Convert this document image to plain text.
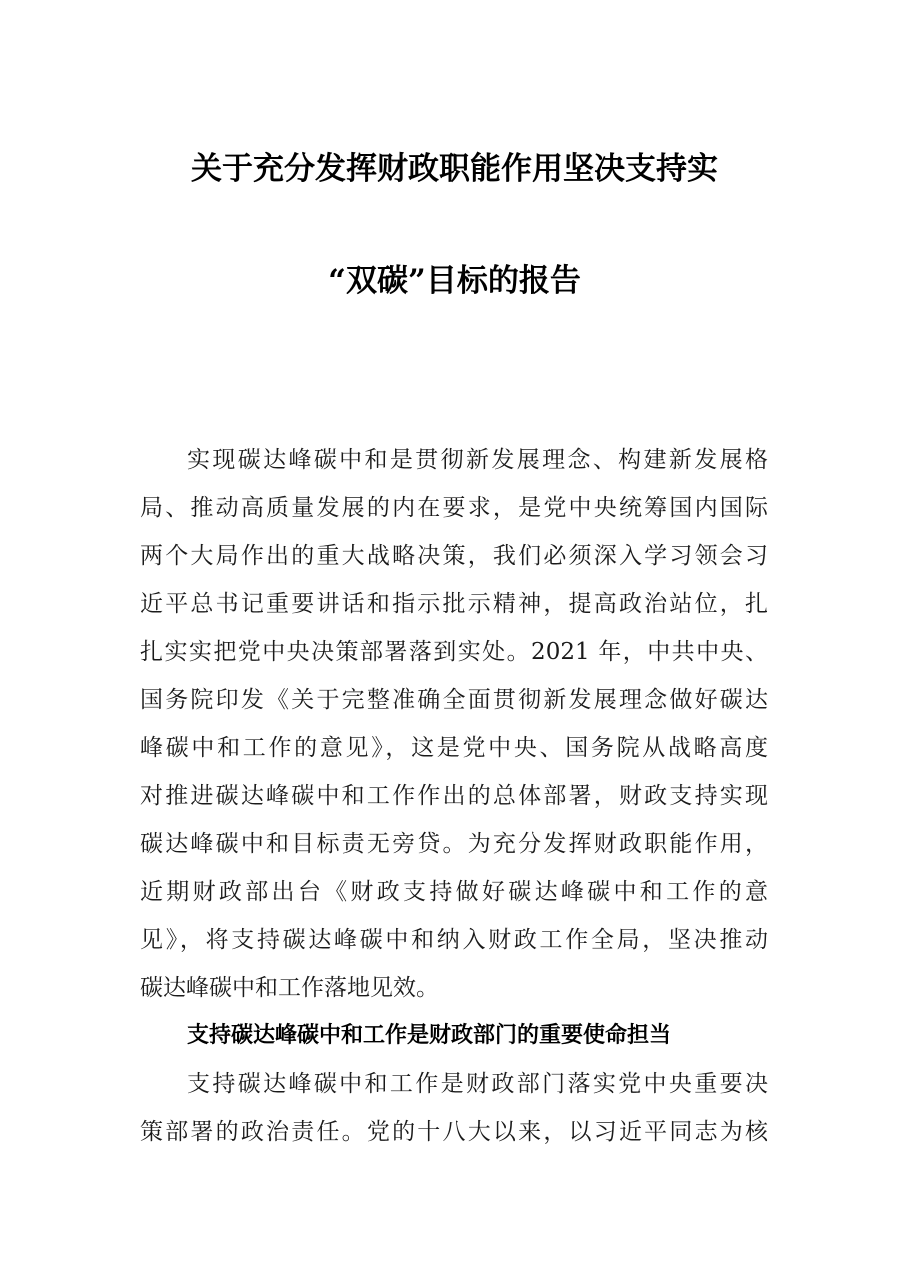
关于充分发挥财政职能作用坚决支持实
“双碳”目标的报告
实现碳达峰碳中和是贯彻新发展理念、构建新发展格
局、推动高质量发展的内在要求，是党中央统筹国内国际
两个大局作出的重大战略决策，我们必须深入学习领会习
近平总书记重要讲话和指示批示精神，提高政治站位，扎
扎实实把党中央决策部署落到实处。2021 年，中共中央、
国务院印发《关于完整准确全面贯彻新发展理念做好碳达
峰碳中和工作的意见》，这是党中央、国务院从战略高度
对推进碳达峰碳中和工作作出的总体部署，财政支持实现
碳达峰碳中和目标责无旁贷。为充分发挥财政职能作用，
近期财政部出台《财政支持做好碳达峰碳中和工作的意
见》，将支持碳达峰碳中和纳入财政工作全局，坚决推动
碳达峰碳中和工作落地见效。
支持碳达峰碳中和工作是财政部门的重要使命担当
支持碳达峰碳中和工作是财政部门落实党中央重要决
策部署的政治责任。党的十八大以来，以习近平同志为核
